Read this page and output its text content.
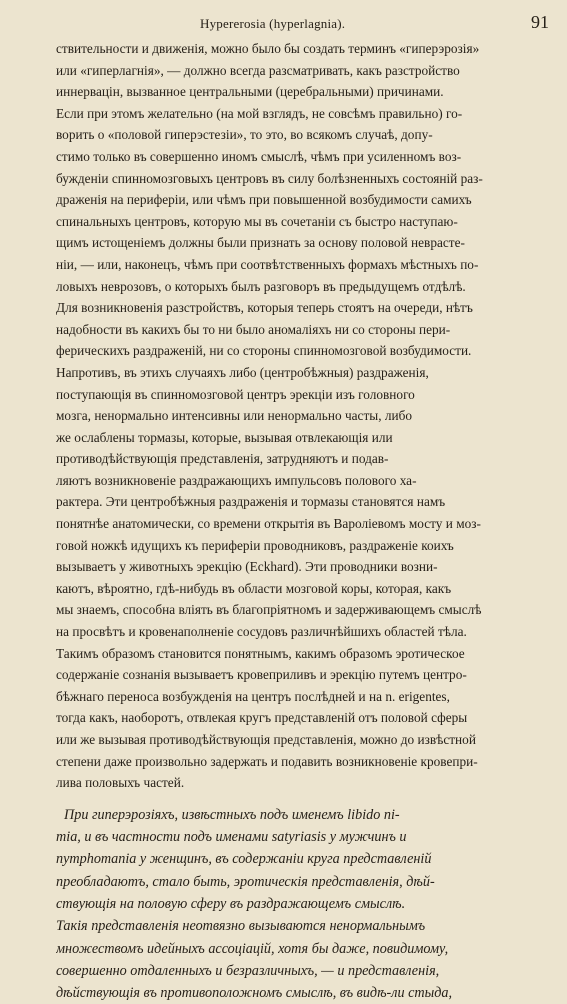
Hypererosia (hyperlagnia).	91
ствительности и движенія, можно было бы создать терминъ «гиперэрозія»
или «гиперлагнія», — должно всегда разсматривать, какъ разстройство
иннервацін, вызванное центральными (церебральными) причинами.
Если при этомъ желательно (на мой взглядъ, не совсѣмъ правильно) го-
ворить о «половой гиперэстезіи», то это, во всякомъ случаѣ, допу-
стимо только въ совершенно иномъ смыслѣ, чѣмъ при усиленномъ воз-
бужденіи спинномозговыхъ центровъ въ силу болѣзненныхъ состояній раз-
драженія на периферіи, или чѣмъ при повышенной возбудимости самихъ
спинальныхъ центровъ, которую мы въ сочетаніи съ быстро наступаю-
щимъ истощеніемъ должны были признать за основу половой неврасте-
ніи, — или, наконецъ, чѣмъ при соотвѣтственныхъ формахъ мѣстныхъ по-
ловыхъ неврозовъ, о которыхъ былъ разговоръ въ предыдущемъ отдѣлѣ.
Для возникновенія разстройствъ, которыя теперь стоятъ на очереди, нѣтъ
надобности въ какихъ бы то ни было аномаліяхъ ни со стороны пери-
ферическихъ раздраженій, ни со стороны спинномозговой возбудимости.
Напротивъ, въ этихъ случаяхъ либо (центробѣжныя) раздраженія,
поступающія въ спинномозговой центръ эрекціи изъ головного
мозга, ненормально интенсивны или ненормально часты, либо
же ослаблены тормазы, которые, вызывая отвлекающія или
противодѣйствующія представленія, затрудняютъ и подав-
ляютъ возникновеніе раздражающихъ импульсовъ полового ха-
рактера. Эти центробѣжныя раздраженія и тормазы становятся намъ
понятнѣе анатомически, со времени открытія въ Вароліевомъ мосту и моз-
говой ножкѣ идущихъ къ периферіи проводниковъ, раздраженіе коихъ
вызываетъ у животныхъ эрекцію (Eckhard). Эти проводники возни-
каютъ, вѣроятно, гдѣ-нибудь въ области мозговой коры, которая, какъ
мы знаемъ, способна вліять въ благопріятномъ и задерживающемъ смыслѣ
на просвѣтъ и кровенаполненіе сосудовъ различнѣйшихъ областей тѣла.
Такимъ образомъ становится понятнымъ, какимъ образомъ эротическое
содержаніе сознанія вызываетъ кровеприливъ и эрекцію путемъ центро-
бѣжнаго переноса возбужденія на центръ послѣдней и на n. erigentes,
тогда какъ, наоборотъ, отвлекая кругъ представленій отъ половой сферы
или же вызывая противодѣйствующія представленія, можно до извѣстной
степени даже произвольно задержать и подавить возникновеніе кровепри-
лива половыхъ частей.
При гиперэрозіяхъ, извѣстныхъ подъ именемъ libido ni-
mia, и въ частности подъ именами satyriasis у мужчинъ и
nymphomania у женщинъ, въ содержаніи круга представленій
преобладаютъ, стало быть, эротическія представленія, дѣй-
ствующія на половую сферу въ раздражающемъ смыслѣ.
Такія представленія неотвязно вызываются ненормальнымъ
множествомъ идейныхъ ассоціацій, хотя бы даже, повидимому,
совершенно отдаленныхъ и безразличныхъ, — и представленія,
дѣйствующія въ противоположномъ смыслѣ, въ видѣ-ли стыда,
